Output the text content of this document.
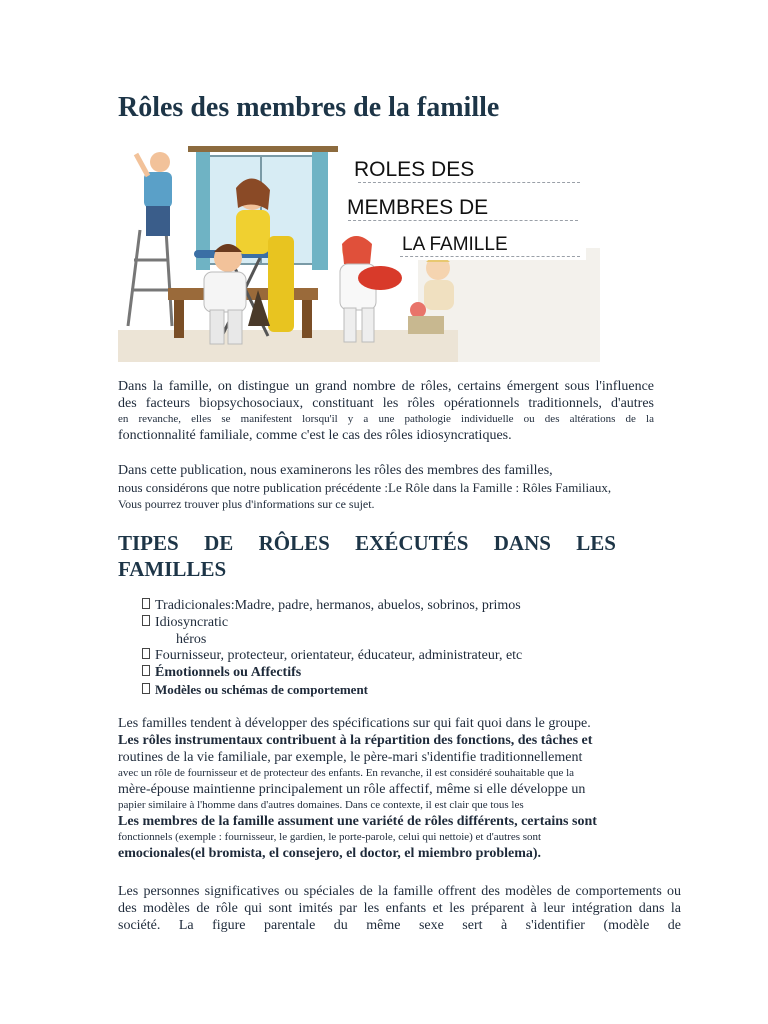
Rôles des membres de la famille
ROLES DES
MEMBRES DE
LA FAMILLE

Dans la famille, on distingue un grand nombre de rôles, certains émergent sous l'influence

des facteurs biopsychosociaux, constituant les rôles opérationnels traditionnels, d'autres

en revanche, elles se manifestent lorsqu'il y a une pathologie individuelle ou des altérations de la

fonctionnalité familiale, comme c'est le cas des rôles idiosyncratiques.

Dans cette publication, nous examinerons les rôles des membres des familles,

nous considérons que notre publication précédente :Le Rôle dans la Famille : Rôles Familiaux,

Vous pourrez trouver plus d'informations sur ce sujet.

TIPES DE RÔLES EXÉCUTÉS DANS LES
FAMILLES
Tradicionales:Madre, padre, hermanos, abuelos, sobrinos, primos
Idiosyncratic
héros
Fournisseur, protecteur, orientateur, éducateur, administrateur, etc
Émotionnels ou Affectifs
Modèles ou schémas de comportement

Les familles tendent à développer des spécifications sur qui fait quoi dans le groupe.

Les rôles instrumentaux contribuent à la répartition des fonctions, des tâches et

routines de la vie familiale, par exemple, le père-mari s'identifie traditionnellement

avec un rôle de fournisseur et de protecteur des enfants. En revanche, il est considéré souhaitable que la

mère-épouse maintienne principalement un rôle affectif, même si elle développe un

papier similaire à l'homme dans d'autres domaines. Dans ce contexte, il est clair que tous les

Les membres de la famille assument une variété de rôles différents, certains sont

fonctionnels (exemple : fournisseur, le gardien, le porte-parole, celui qui nettoie) et d'autres sont

emocionales(el bromista, el consejero, el doctor, el miembro problema).

Les personnes significatives ou spéciales de la famille offrent des modèles de comportements ou

des modèles de rôle qui sont imités par les enfants et les préparent à leur intégration dans la

société. La figure parentale du même sexe sert à s'identifier (modèle de
